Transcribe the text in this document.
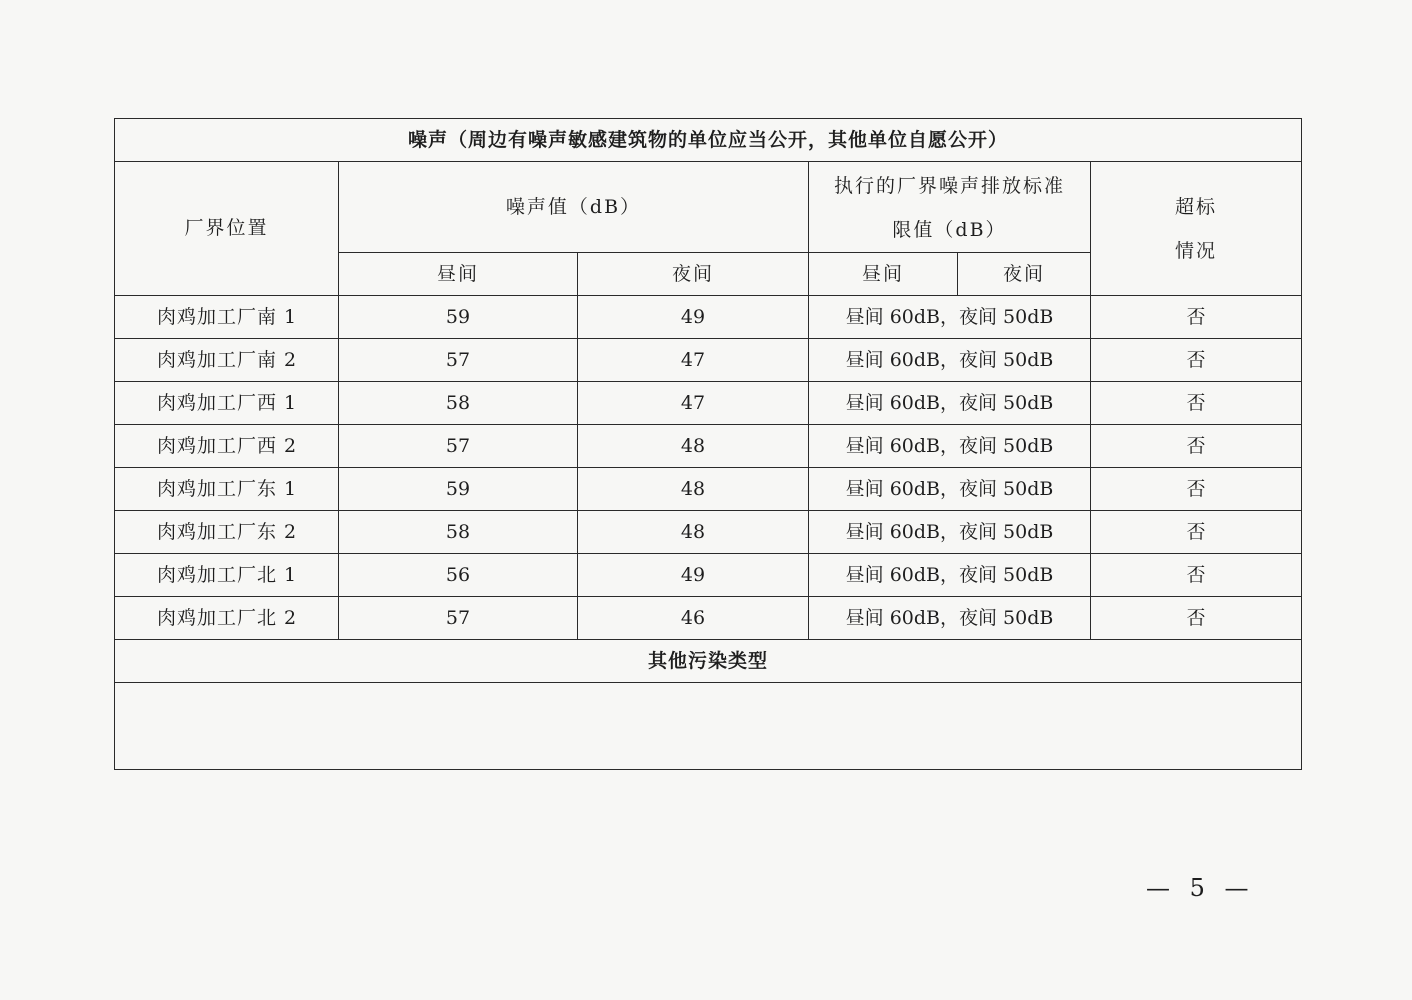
噪声（周边有噪声敏感建筑物的单位应当公开，其他单位自愿公开）					
厂界位置	噪声值（dB）		执行的厂界噪声排放标准限值（dB）		超标情况
	昼间	夜间	昼间	夜间	
肉鸡加工厂南 1	59	49	昼间 60dB，夜间 50dB		否
肉鸡加工厂南 2	57	47	昼间 60dB，夜间 50dB		否
肉鸡加工厂西 1	58	47	昼间 60dB，夜间 50dB		否
肉鸡加工厂西 2	57	48	昼间 60dB，夜间 50dB		否
肉鸡加工厂东 1	59	48	昼间 60dB，夜间 50dB		否
肉鸡加工厂东 2	58	48	昼间 60dB，夜间 50dB		否
肉鸡加工厂北 1	56	49	昼间 60dB，夜间 50dB		否
肉鸡加工厂北 2	57	46	昼间 60dB，夜间 50dB		否
其他污染类型					

— 5 —
